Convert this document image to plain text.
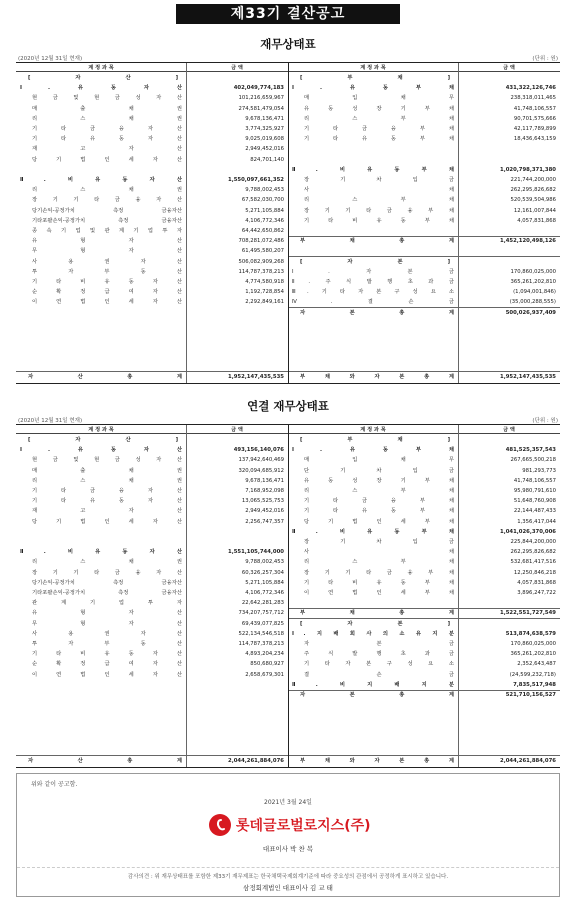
제33기 결산공고
재무상태표
(2020년 12월 31일 현재)	(단위 : 원)
계 정 과 목	금 액
[ 자 산 ]
Ⅰ. 유 동 자 산	402,049,774,183
현 금 및 현 금 성 자 산	101,216,659,967
매 출 채 권	274,581,479,054
리 스 채 권	9,678,136,471
기 타 금 융 자 산	3,774,325,927
기 타 유 동 자 산	9,025,019,608
재 고 자 산	2,949,452,016
당 기 법 인 세 자 산	824,701,140
Ⅱ. 비 유 동 자 산	1,550,097,661,352
리 스 채 권	9,788,002,453
장 기 기 타 금 융 자 산	67,582,030,700
당기손익-공정가치 측정 금융자산	5,271,105,884
기타포괄손익-공정가치 측정 금융자산	4,106,772,346
종 속 기 업 및 관 계 기 업 투 자	64,442,650,862
유 형 자 산	708,281,072,486
무 형 자 산	61,495,580,207
사 용 권 자 산	506,082,909,268
투 자 부 동 산	114,787,378,213
기 타 비 유 동 자 산	4,774,580,918
순 확 정 급 여 자 산	1,192,728,854
이 연 법 인 세 자 산	2,292,849,161
자 산 총 계	1,952,147,435,535
계 정 과 목	금 액
[ 부 채 ]
Ⅰ. 유 동 부 채	431,322,126,746
매 입 채 무	238,318,011,465
유 동 성 장 기 부 채	41,748,106,557
리 스 부 채	90,701,575,666
기 타 금 융 부 채	42,117,789,899
기 타 유 동 부 채	18,436,643,159
Ⅱ. 비 유 동 부 채	1,020,798,371,380
장 기 차 입 금	221,744,200,000
사 채	262,295,826,682
리 스 부 채	520,539,504,986
장 기 기 타 금 융 부 채	12,161,007,844
기 타 비 유 동 부 채	4,057,831,868
부 채 총 계	1,452,120,498,126
[ 자 본 ]
Ⅰ. 자 본 금	170,860,025,000
Ⅱ. 주 식 발 행 초 과 금	365,261,202,810
Ⅲ. 기 타 자 본 구 성 요 소	(1,094,001,846)
Ⅳ. 결 손 금	(35,000,288,555)
자 본 총 계	500,026,937,409
부 채 와 자 본 총 계	1,952,147,435,535
연결 재무상태표
(2020년 12월 31일 현재)	(단위 : 원)
계 정 과 목	금 액
[ 자 산 ]
Ⅰ. 유 동 자 산	493,156,140,076
현 금 및 현 금 성 자 산	137,942,640,469
매 출 채 권	320,094,685,912
리 스 채 권	9,678,136,471
기 타 금 융 자 산	7,168,952,098
기 타 유 동 자 산	13,065,525,753
재 고 자 산	2,949,452,016
당 기 법 인 세 자 산	2,256,747,357
Ⅱ. 비 유 동 자 산	1,551,105,744,000
리 스 채 권	9,788,002,453
장 기 기 타 금 융 자 산	60,326,257,304
당기손익-공정가치 측정 금융자산	5,271,105,884
기타포괄손익-공정가치 측정 금융자산	4,106,772,346
관 계 기 업 투 자	22,642,281,283
유 형 자 산	734,207,757,712
무 형 자 산	69,439,077,825
사 용 권 자 산	522,134,546,518
투 자 부 동 산	114,787,378,213
기 타 비 유 동 자 산	4,893,204,234
순 확 정 급 여 자 산	850,680,927
이 연 법 인 세 자 산	2,658,679,301
자 산 총 계	2,044,261,884,076
계 정 과 목	금 액
[ 부 채 ]
Ⅰ. 유 동 부 채	481,525,357,543
매 입 채 무	267,665,500,218
단 기 차 입 금	981,293,773
유 동 성 장 기 부 채	41,748,106,557
리 스 부 채	95,980,791,610
기 타 금 융 부 채	51,648,760,908
기 타 유 동 부 채	22,144,487,433
당 기 법 인 세 부 채	1,356,417,044
Ⅱ. 비 유 동 부 채	1,041,026,370,006
장 기 차 입 금	225,844,200,000
사 채	262,295,826,682
리 스 부 채	532,681,417,516
장 기 기 타 금 융 부 채	12,250,846,218
기 타 비 유 동 부 채	4,057,831,868
이 연 법 인 세 부 채	3,896,247,722
부 채 총 계	1,522,551,727,549
[ 자 본 ]
Ⅰ. 지 배 회 사 의 소 유 지 분	513,874,638,579
자 본 금	170,860,025,000
주 식 발 행 초 과 금	365,261,202,810
기 타 자 본 구 성 요 소	2,352,643,487
결 손 금	(24,599,232,718)
Ⅱ. 비 지 배 지 분	7,835,517,948
자 본 총 계	521,710,156,527
부 채 와 자 본 총 계	2,044,261,884,076
위와 같이 공고함.
2021년 3월 24일
롯데글로벌로지스(주)
대표이사 박 찬 복
감사의견 : 위 재무상태표를 포함한 제33기 재무제표는 한국채택국제회계기준에 따라 중요성의 관점에서 공정하게 표시하고 있습니다.
삼정회계법인 대표이사 김 교 태
